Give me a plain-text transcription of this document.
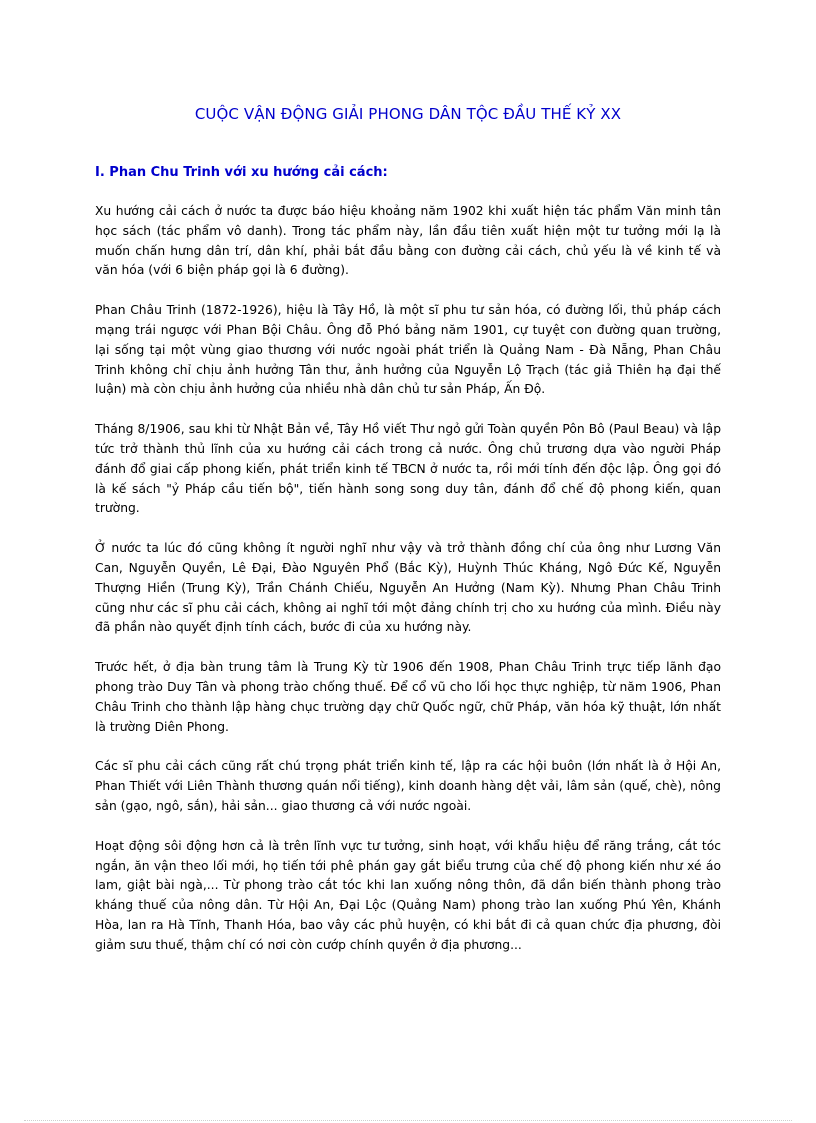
CUỘC VẬN ĐỘNG GIẢI PHONG DÂN TỘC ĐẦU THẾ KỶ XX
I. Phan Chu Trinh với xu hướng cải cách:

Xu hướng cải cách ở nước ta được báo hiệu khoảng năm 1902 khi xuất hiện tác phẩm Văn minh tân học sách (tác phẩm vô danh). Trong tác phẩm này, lần đầu tiên xuất hiện một tư tưởng mới lạ là muốn chấn hưng dân trí, dân khí, phải bắt đầu bằng con đường cải cách, chủ yếu là về kinh tế và văn hóa (với 6 biện pháp gọi là 6 đường).

Phan Châu Trinh (1872-1926), hiệu là Tây Hồ, là một sĩ phu tư sản hóa, có đường lối, thủ pháp cách mạng trái ngược với Phan Bội Châu. Ông đỗ Phó bảng năm 1901, cự tuyệt con đường quan trường, lại sống tại một vùng giao thương với nước ngoài phát triển là Quảng Nam - Đà Nẵng, Phan Châu Trinh không chỉ chịu ảnh hưởng Tân thư, ảnh hưởng của Nguyễn Lộ Trạch (tác giả Thiên hạ đại thế luận) mà còn chịu ảnh hưởng của nhiều nhà dân chủ tư sản Pháp, Ấn Độ.

Tháng 8/1906, sau khi từ Nhật Bản về, Tây Hồ viết Thư ngỏ gửi Toàn quyền Pôn Bô (Paul Beau) và lập tức trở thành thủ lĩnh của xu hướng cải cách trong cả nước. Ông chủ trương dựa vào người Pháp đánh đổ giai cấp phong kiến, phát triển kinh tế TBCN ở nước ta, rồi mới tính đến độc lập. Ông gọi đó là kế sách "ỷ Pháp cầu tiến bộ", tiến hành song song duy tân, đánh đổ chế độ phong kiến, quan trường.

Ở nước ta lúc đó cũng không ít người nghĩ như vậy và trở thành đồng chí của ông như Lương Văn Can, Nguyễn Quyền, Lê Đại, Đào Nguyên Phổ (Bắc Kỳ), Huỳnh Thúc Kháng, Ngô Đức Kế, Nguyễn Thượng Hiền (Trung Kỳ), Trần Chánh Chiếu, Nguyễn An Hưởng (Nam Kỳ). Nhưng Phan Châu Trinh cũng như các sĩ phu cải cách, không ai nghĩ tới một đảng chính trị cho xu hướng của mình. Điều này đã phần nào quyết định tính cách, bước đi của xu hướng này.

Trước hết, ở địa bàn trung tâm là Trung Kỳ từ 1906 đến 1908, Phan Châu Trinh trực tiếp lãnh đạo phong trào Duy Tân và phong trào chống thuế. Để cổ vũ cho lối học thực nghiệp, từ năm 1906, Phan Châu Trinh cho thành lập hàng chục trường dạy chữ Quốc ngữ, chữ Pháp, văn hóa kỹ thuật, lớn nhất là trường Diên Phong.

Các sĩ phu cải cách cũng rất chú trọng phát triển kinh tế, lập ra các hội buôn (lớn nhất là ở Hội An, Phan Thiết với Liên Thành thương quán nổi tiếng), kinh doanh hàng dệt vải, lâm sản (quế, chè), nông sản (gạo, ngô, sắn), hải sản... giao thương cả với nước ngoài.

Hoạt động sôi động hơn cả là trên lĩnh vực tư tưởng, sinh hoạt, với khẩu hiệu để răng trắng, cắt tóc ngắn, ăn vận theo lối mới, họ tiến tới phê phán gay gắt biểu trưng của chế độ phong kiến như xé áo lam, giật bài ngà,... Từ phong trào cắt tóc khi lan xuống nông thôn, đã dần biến thành phong trào kháng thuế của nông dân. Từ Hội An, Đại Lộc (Quảng Nam) phong trào lan xuống Phú Yên, Khánh Hòa, lan ra Hà Tĩnh, Thanh Hóa, bao vây các phủ huyện, có khi bắt đi cả quan chức địa phương, đòi giảm sưu thuế, thậm chí có nơi còn cướp chính quyền ở địa phương...
